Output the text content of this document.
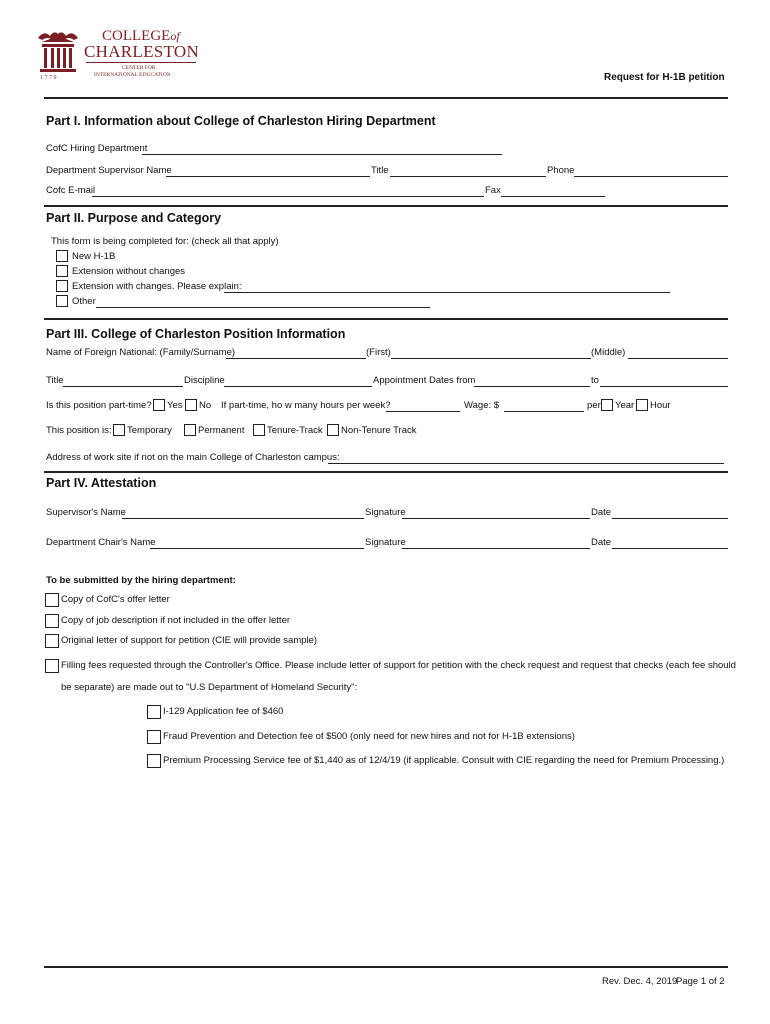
1 7 7 0
COLLEGEof
CHARLESTON
CENTER FOR
INTERNATIONAL EDUCATION	Request for H-1B petition
Part I. Information about College of Charleston Hiring Department
CofC Hiring Department
Department Supervisor Name	Title	Phone
Cofc E-mail	Fax
Part II. Purpose and Category
This form is being completed for: (check all that apply)
New H-1B
Extension without changes
Extension with changes. Please explain:
Other
Part III. College of Charleston Position Information
Name of Foreign National: (Family/Surname)	(First)	(Middle)
Title	Discipline	Appointment Dates from	to
Is this position part-time? Yes No If part-time, ho w many hours per week?	Wage: $	per Year Hour
This position is: Temporary	Permanent Tenure-Track Non-Tenure Track
Address of work site if not on the main College of Charleston campus:
Part IV. Attestation
Supervisor's Name	Signature	Date
Department Chair's Name	Signature	Date
To be submitted by the hiring department:
Copy of CofC's offer letter
Copy of job description if not included in the offer letter
Original letter of support for petition (CIE will provide sample)
Filling fees requested through the Controller's Office. Please include letter of support for petition with the check request and request that checks (each fee should
be separate) are made out to "U.S Department of Homeland Security":
I-129 Application fee of $460
Fraud Prevention and Detection fee of $500 (only need for new hires and not for H-1B extensions)
Premium Processing Service fee of $1,440 as of 12/4/19 (if applicable. Consult with CIE regarding the need for Premium Processing.)
Rev. Dec. 4, 2019
Page 1 of 2
